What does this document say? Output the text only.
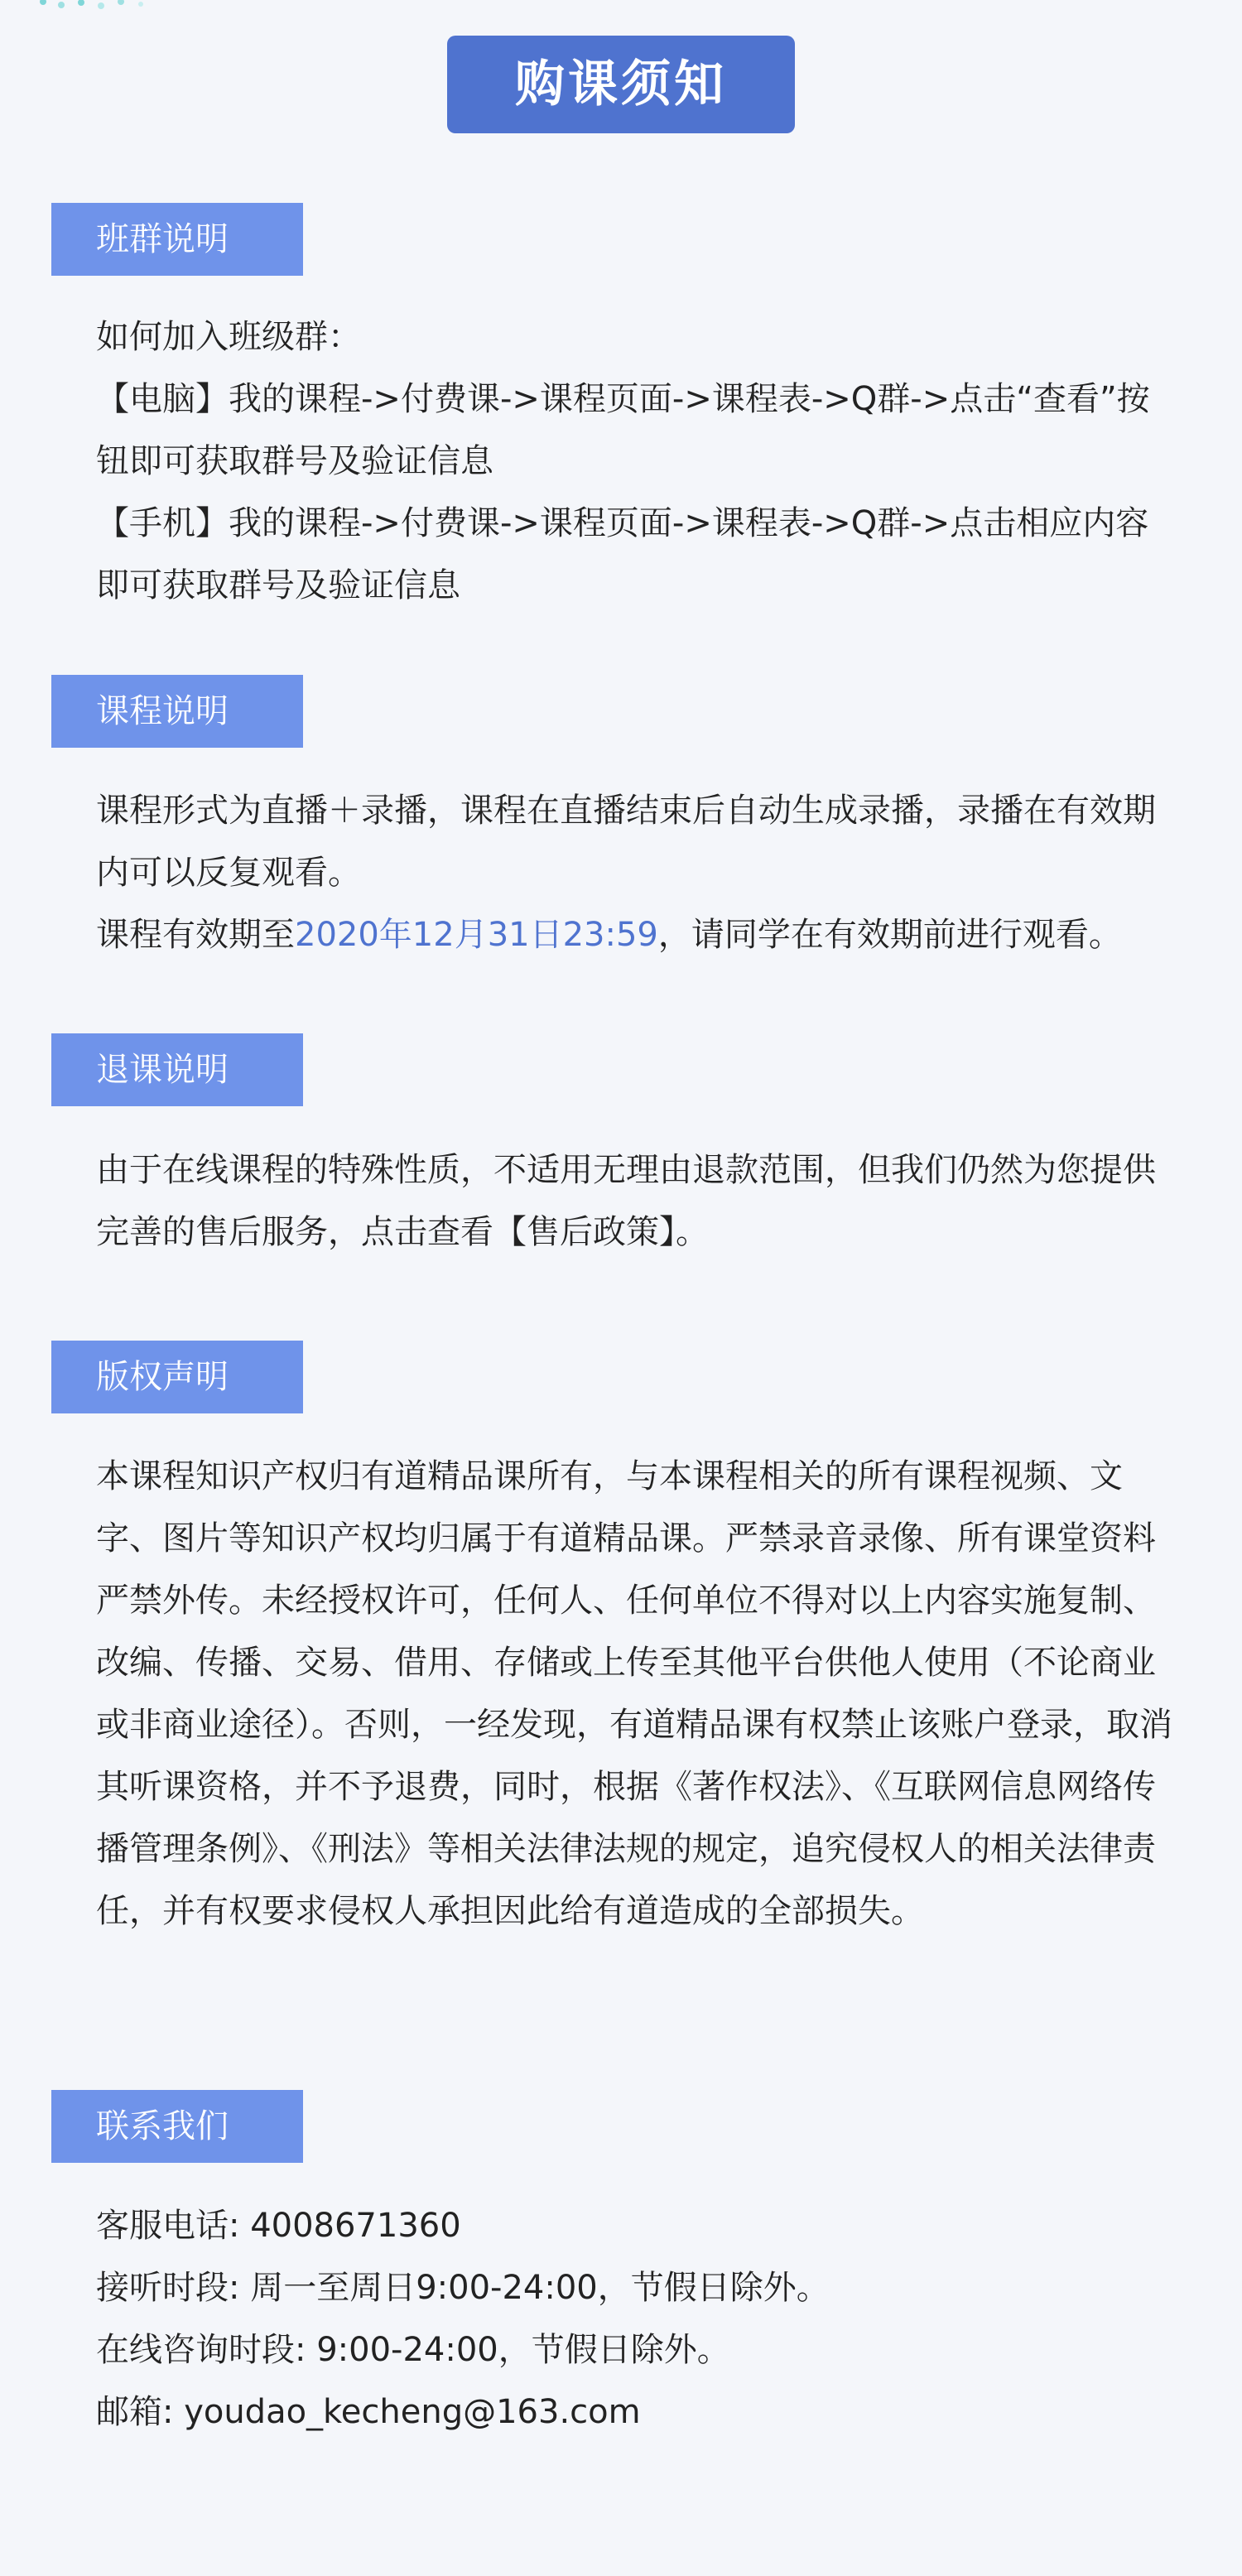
购课须知
班群说明

如何加入班级群：

【电脑】我的课程->付费课->课程页面->课程表->Q群->点击“查看”按钮即可获取群号及验证信息

【手机】我的课程->付费课->课程页面->课程表->Q群->点击相应内容即可获取群号及验证信息

课程说明

课程形式为直播＋录播，课程在直播结束后自动生成录播，录播在有效期内可以反复观看。

课程有效期至2020年12月31日23:59，请同学在有效期前进行观看。

退课说明

由于在线课程的特殊性质，不适用无理由退款范围，但我们仍然为您提供完善的售后服务，点击查看【售后政策】。

版权声明

本课程知识产权归有道精品课所有，与本课程相关的所有课程视频、文字、图片等知识产权均归属于有道精品课。严禁录音录像、所有课堂资料严禁外传。未经授权许可，任何人、任何单位不得对以上内容实施复制、改编、传播、交易、借用、存储或上传至其他平台供他人使用（不论商业或非商业途径）。否则，一经发现，有道精品课有权禁止该账户登录，取消其听课资格，并不予退费，同时，根据《著作权法》、《互联网信息网络传播管理条例》、《刑法》等相关法律法规的规定，追究侵权人的相关法律责任，并有权要求侵权人承担因此给有道造成的全部损失。

联系我们

客服电话: 4008671360

接听时段: 周一至周日9:00-24:00，节假日除外。

在线咨询时段: 9:00-24:00，节假日除外。

邮箱: youdao_kecheng@163.com
